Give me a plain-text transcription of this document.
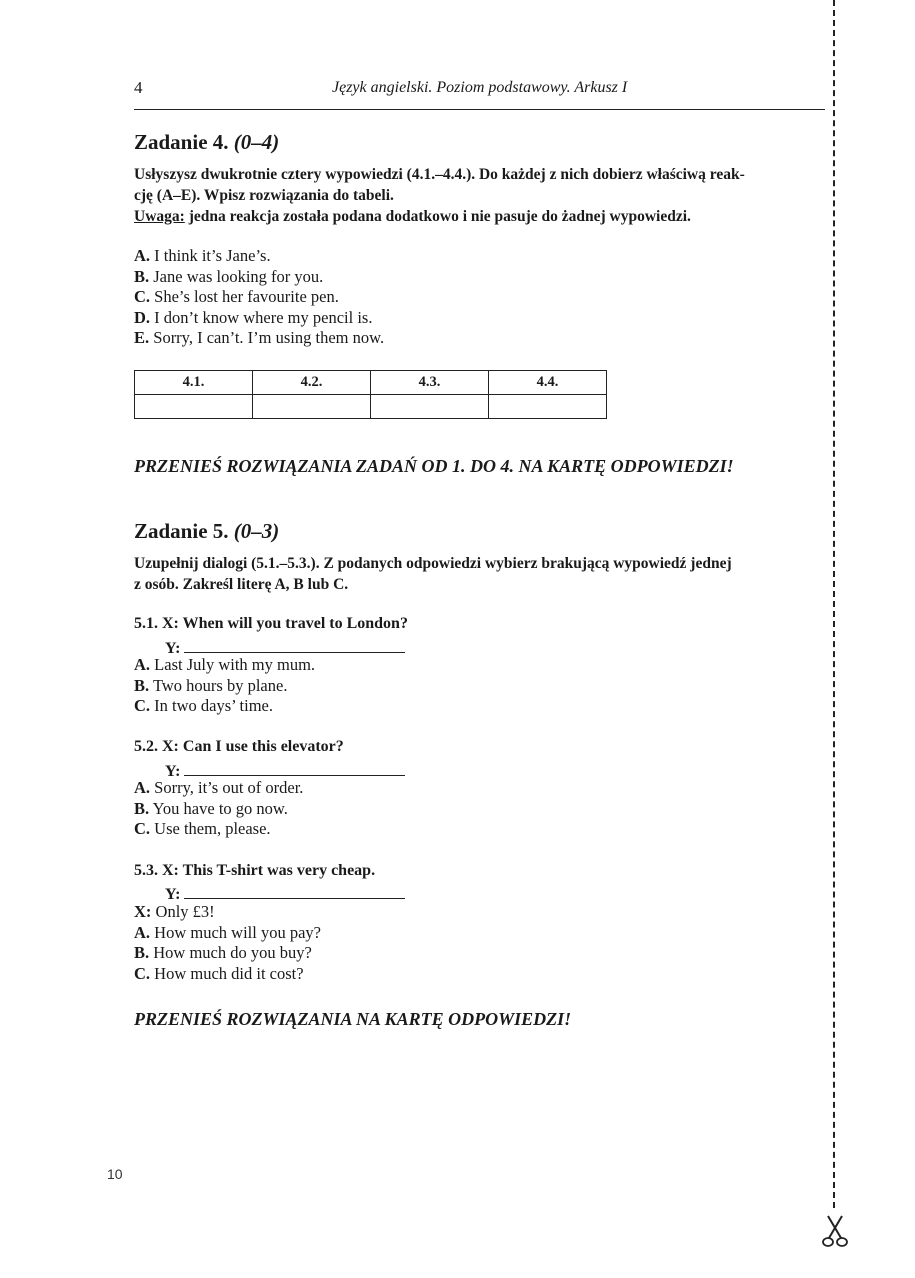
4	Język angielski. Poziom podstawowy. Arkusz I
Zadanie 4. (0–4)
Usłyszysz dwukrotnie cztery wypowiedzi (4.1.–4.4.). Do każdej z nich dobierz właściwą reak-
cję (A–E). Wpisz rozwiązania do tabeli.
Uwaga: jedna reakcja została podana dodatkowo i nie pasuje do żadnej wypowiedzi.
A. I think it’s Jane’s.
B. Jane was looking for you.
C. She’s lost her favourite pen.
D. I don’t know where my pencil is.
E. Sorry, I can’t. I’m using them now.
4.1.	4.2.	4.3.	4.4.

PRZENIEŚ ROZWIĄZANIA ZADAŃ OD 1. DO 4. NA KARTĘ ODPOWIEDZI!
Zadanie 5. (0–3)
Uzupełnij dialogi (5.1.–5.3.). Z podanych odpowiedzi wybierz brakującą wypowiedź jednej
z osób. Zakreśl literę A, B lub C.
5.1. X: When will you travel to London?
Y:
A. Last July with my mum.
B. Two hours by plane.
C. In two days’ time.
5.2. X: Can I use this elevator?
Y:
A. Sorry, it’s out of order.
B. You have to go now.
C. Use them, please.
5.3. X: This T-shirt was very cheap.
Y:
X: Only £3!
A. How much will you pay?
B. How much do you buy?
C. How much did it cost?
PRZENIEŚ ROZWIĄZANIA NA KARTĘ ODPOWIEDZI!
10
